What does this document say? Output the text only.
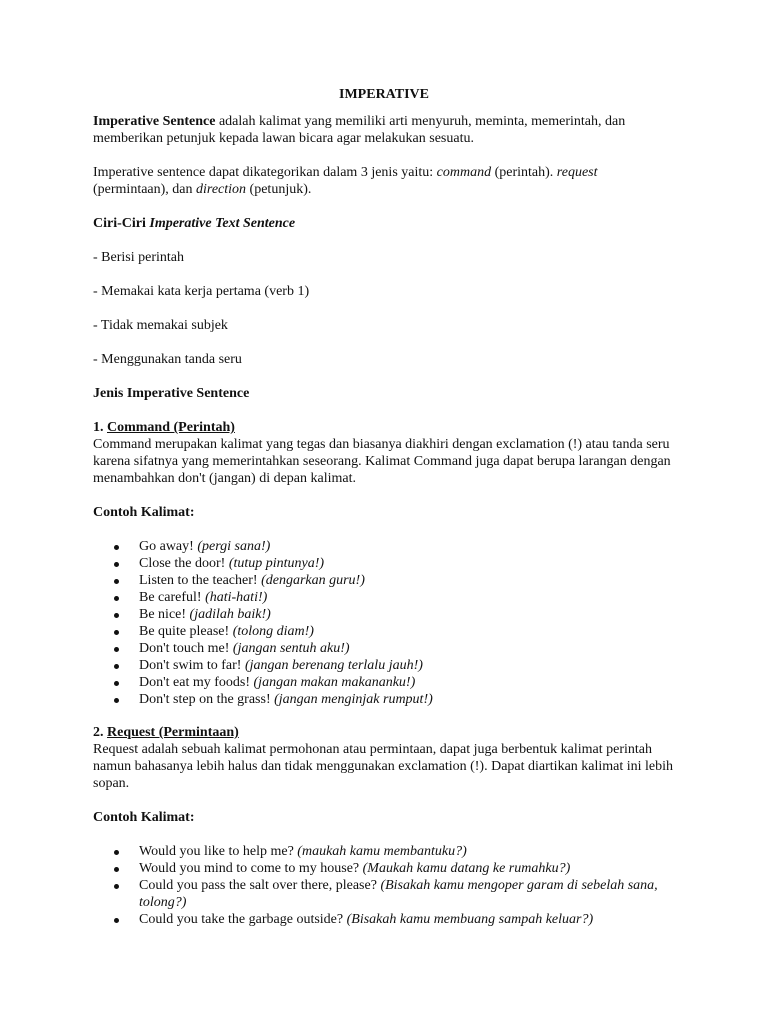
IMPERATIVE

Imperative Sentence adalah kalimat yang memiliki arti menyuruh, meminta, memerintah, dan memberikan petunjuk kepada lawan bicara agar melakukan sesuatu.

Imperative sentence dapat dikategorikan dalam 3 jenis yaitu: command (perintah). request (permintaan), dan direction (petunjuk).

Ciri-Ciri Imperative Text Sentence

- Berisi perintah

- Memakai kata kerja pertama (verb 1)

- Tidak memakai subjek

- Menggunakan tanda seru

Jenis Imperative Sentence

1. Command (Perintah)

Command merupakan kalimat yang tegas dan biasanya diakhiri dengan exclamation (!) atau tanda seru karena sifatnya yang memerintahkan seseorang. Kalimat Command juga dapat berupa larangan dengan menambahkan don't (jangan) di depan kalimat.

Contoh Kalimat:

Go away! (pergi sana!)
Close the door! (tutup pintunya!)
Listen to the teacher! (dengarkan guru!)
Be careful! (hati-hati!)
Be nice! (jadilah baik!)
Be quite please! (tolong diam!)
Don't touch me! (jangan sentuh aku!)
Don't swim to far! (jangan berenang terlalu jauh!)
Don't eat my foods! (jangan makan makananku!)
Don't step on the grass! (jangan menginjak rumput!)

2. Request (Permintaan)

Request adalah sebuah kalimat permohonan atau permintaan, dapat juga berbentuk kalimat perintah namun bahasanya lebih halus dan tidak menggunakan exclamation (!). Dapat diartikan kalimat ini lebih sopan.

Contoh Kalimat:

Would you like to help me? (maukah kamu membantuku?)
Would you mind to come to my house? (Maukah kamu datang ke rumahku?)
Could you pass the salt over there, please? (Bisakah kamu mengoper garam di sebelah sana, tolong?)
Could you take the garbage outside? (Bisakah kamu membuang sampah keluar?)
